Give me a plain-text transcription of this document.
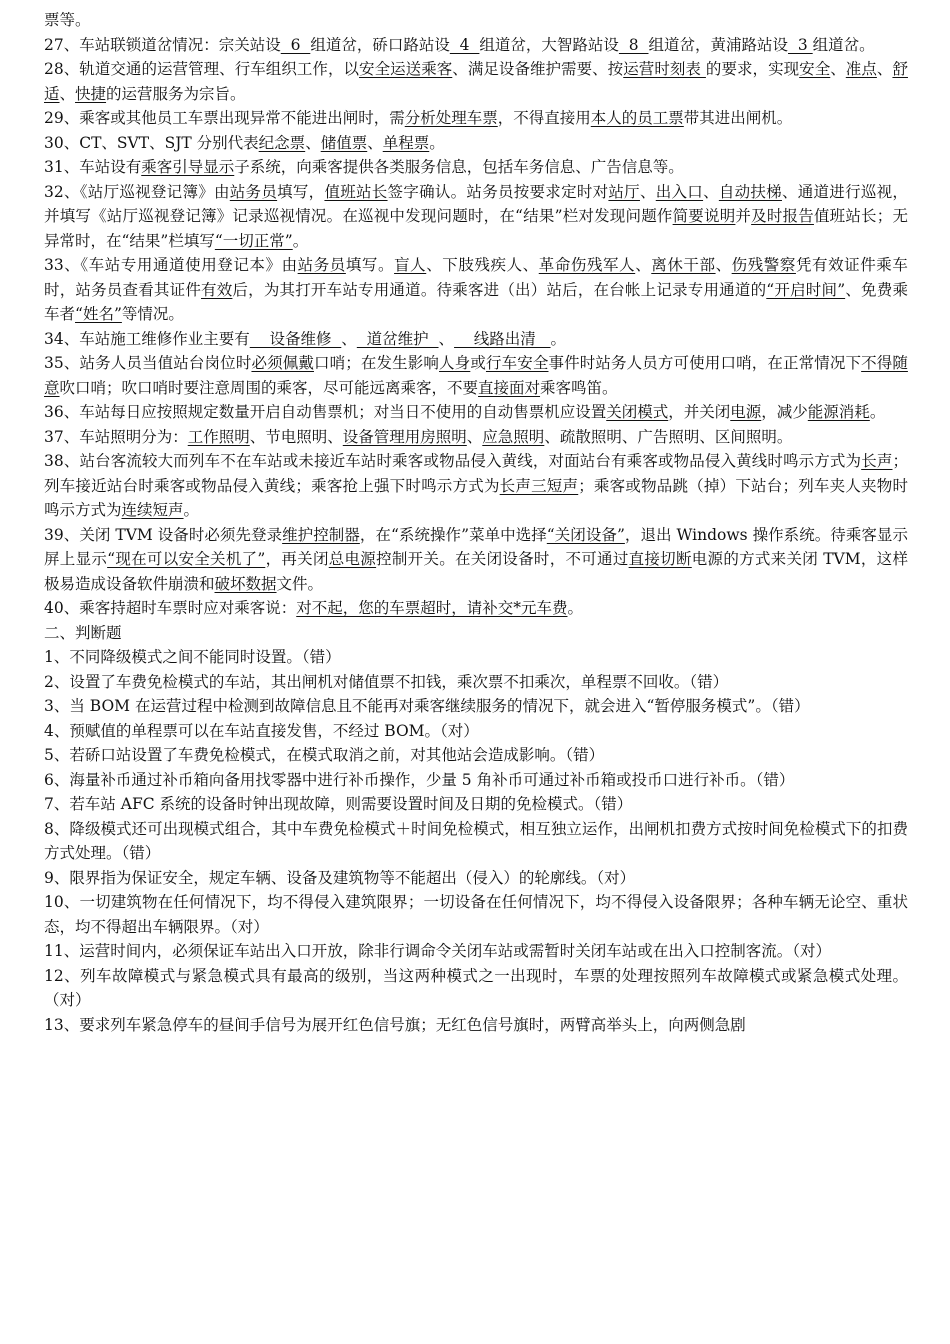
票等。

27、车站联锁道岔情况：宗关站设  6  组道岔，硚口路站设  4  组道岔，大智路站设  8  组道岔，黄浦路站设  3 组道岔。

28、轨道交通的运营管理、行车组织工作，以安全运送乘客、满足设备维护需要、按运营时刻表 的要求，实现安全、准点、舒适、快捷的运营服务为宗旨。

29、乘客或其他员工车票出现异常不能进出闸时，需分析处理车票，不得直接用本人的员工票带其进出闸机。

30、CT、SVT、SJT 分别代表纪念票、储值票、单程票。

31、车站设有乘客引导显示子系统，向乘客提供各类服务信息，包括车务信息、广告信息等。

32、《站厅巡视登记簿》由站务员填写，值班站长签字确认。站务员按要求定时对站厅、出入口、自动扶梯、通道进行巡视，并填写《站厅巡视登记簿》记录巡视情况。在巡视中发现问题时，在“结果”栏对发现问题作简要说明并及时报告值班站长；无异常时，在“结果”栏填写“一切正常”。

33、《车站专用通道使用登记本》由站务员填写。盲人、下肢残疾人、革命伤残军人、离休干部、伤残警察凭有效证件乘车时，站务员查看其证件有效后，为其打开车站专用通道。待乘客进（出）站后，在台帐上记录专用通道的“开启时间”、免费乘车者“姓名”等情况。

34、车站施工维修作业主要有    设备维修  、  道岔维护  、    线路出清   。

35、站务人员当值站台岗位时必须佩戴口哨；在发生影响人身或行车安全事件时站务人员方可使用口哨，在正常情况下不得随意吹口哨；吹口哨时要注意周围的乘客，尽可能远离乘客，不要直接面对乘客鸣笛。

36、车站每日应按照规定数量开启自动售票机；对当日不使用的自动售票机应设置关闭模式，并关闭电源，减少能源消耗。

37、车站照明分为：工作照明、节电照明、设备管理用房照明、应急照明、疏散照明、广告照明、区间照明。

38、站台客流较大而列车不在车站或未接近车站时乘客或物品侵入黄线，对面站台有乘客或物品侵入黄线时鸣示方式为长声；列车接近站台时乘客或物品侵入黄线；乘客抢上强下时鸣示方式为长声三短声；乘客或物品跳（掉）下站台；列车夹人夹物时鸣示方式为连续短声。

39、关闭 TVM 设备时必须先登录维护控制器，在“系统操作”菜单中选择“关闭设备”，退出 Windows 操作系统。待乘客显示屏上显示“现在可以安全关机了”，再关闭总电源控制开关。在关闭设备时，不可通过直接切断电源的方式来关闭 TVM，这样极易造成设备软件崩溃和破坏数据文件。

40、乘客持超时车票时应对乘客说：对不起，您的车票超时，请补交*元车费。

二、判断题

1、不同降级模式之间不能同时设置。（错）

2、设置了车费免检模式的车站，其出闸机对储值票不扣钱，乘次票不扣乘次，单程票不回收。（错）

3、当 BOM 在运营过程中检测到故障信息且不能再对乘客继续服务的情况下，就会进入“暂停服务模式”。（错）

4、预赋值的单程票可以在车站直接发售，不经过 BOM。（对）

5、若硚口站设置了车费免检模式，在模式取消之前，对其他站会造成影响。（错）

6、海量补币通过补币箱向备用找零器中进行补币操作，少量 5 角补币可通过补币箱或投币口进行补币。（错）

7、若车站 AFC 系统的设备时钟出现故障，则需要设置时间及日期的免检模式。（错）

8、降级模式还可出现模式组合，其中车费免检模式＋时间免检模式，相互独立运作，出闸机扣费方式按时间免检模式下的扣费方式处理。（错）

9、限界指为保证安全，规定车辆、设备及建筑物等不能超出（侵入）的轮廓线。（对）

10、一切建筑物在任何情况下，均不得侵入建筑限界；一切设备在任何情况下，均不得侵入设备限界；各种车辆无论空、重状态，均不得超出车辆限界。（对）

11、运营时间内，必须保证车站出入口开放，除非行调命令关闭车站或需暂时关闭车站或在出入口控制客流。（对）

12、列车故障模式与紧急模式具有最高的级别，当这两种模式之一出现时，车票的处理按照列车故障模式或紧急模式处理。（对）

13、要求列车紧急停车的昼间手信号为展开红色信号旗；无红色信号旗时，两臂高举头上，向两侧急剧
